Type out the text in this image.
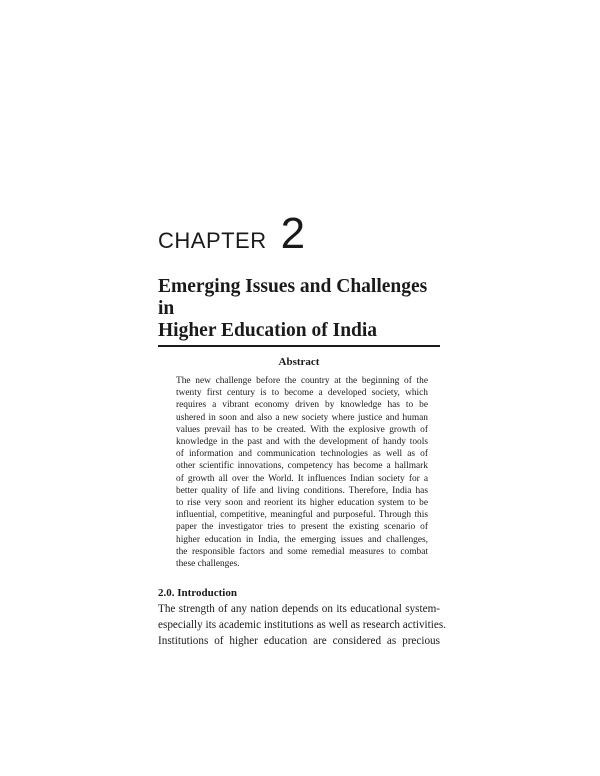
CHAPTER 2
Emerging Issues and Challenges in
Higher Education of India
Abstract
The new challenge before the country at the beginning of the
twenty first century is to become a developed society, which
requires a vibrant economy driven by knowledge has to be
ushered in soon and also a new society where justice and human
values prevail has to be created. With the explosive growth of
knowledge in the past and with the development of handy tools
of information and communication technologies as well as of
other scientific innovations, competency has become a hallmark
of growth all over the World. It influences Indian society for a
better quality of life and living conditions. Therefore, India has
to rise very soon and reorient its higher education system to be
influential, competitive, meaningful and purposeful. Through this
paper the investigator tries to present the existing scenario of
higher education in India, the emerging issues and challenges,
the responsible factors and some remedial measures to combat
these challenges.
2.0. Introduction
The strength of any nation depends on its educational system-
especially its academic institutions as well as research activities.
Institutions of higher education are considered as precious
